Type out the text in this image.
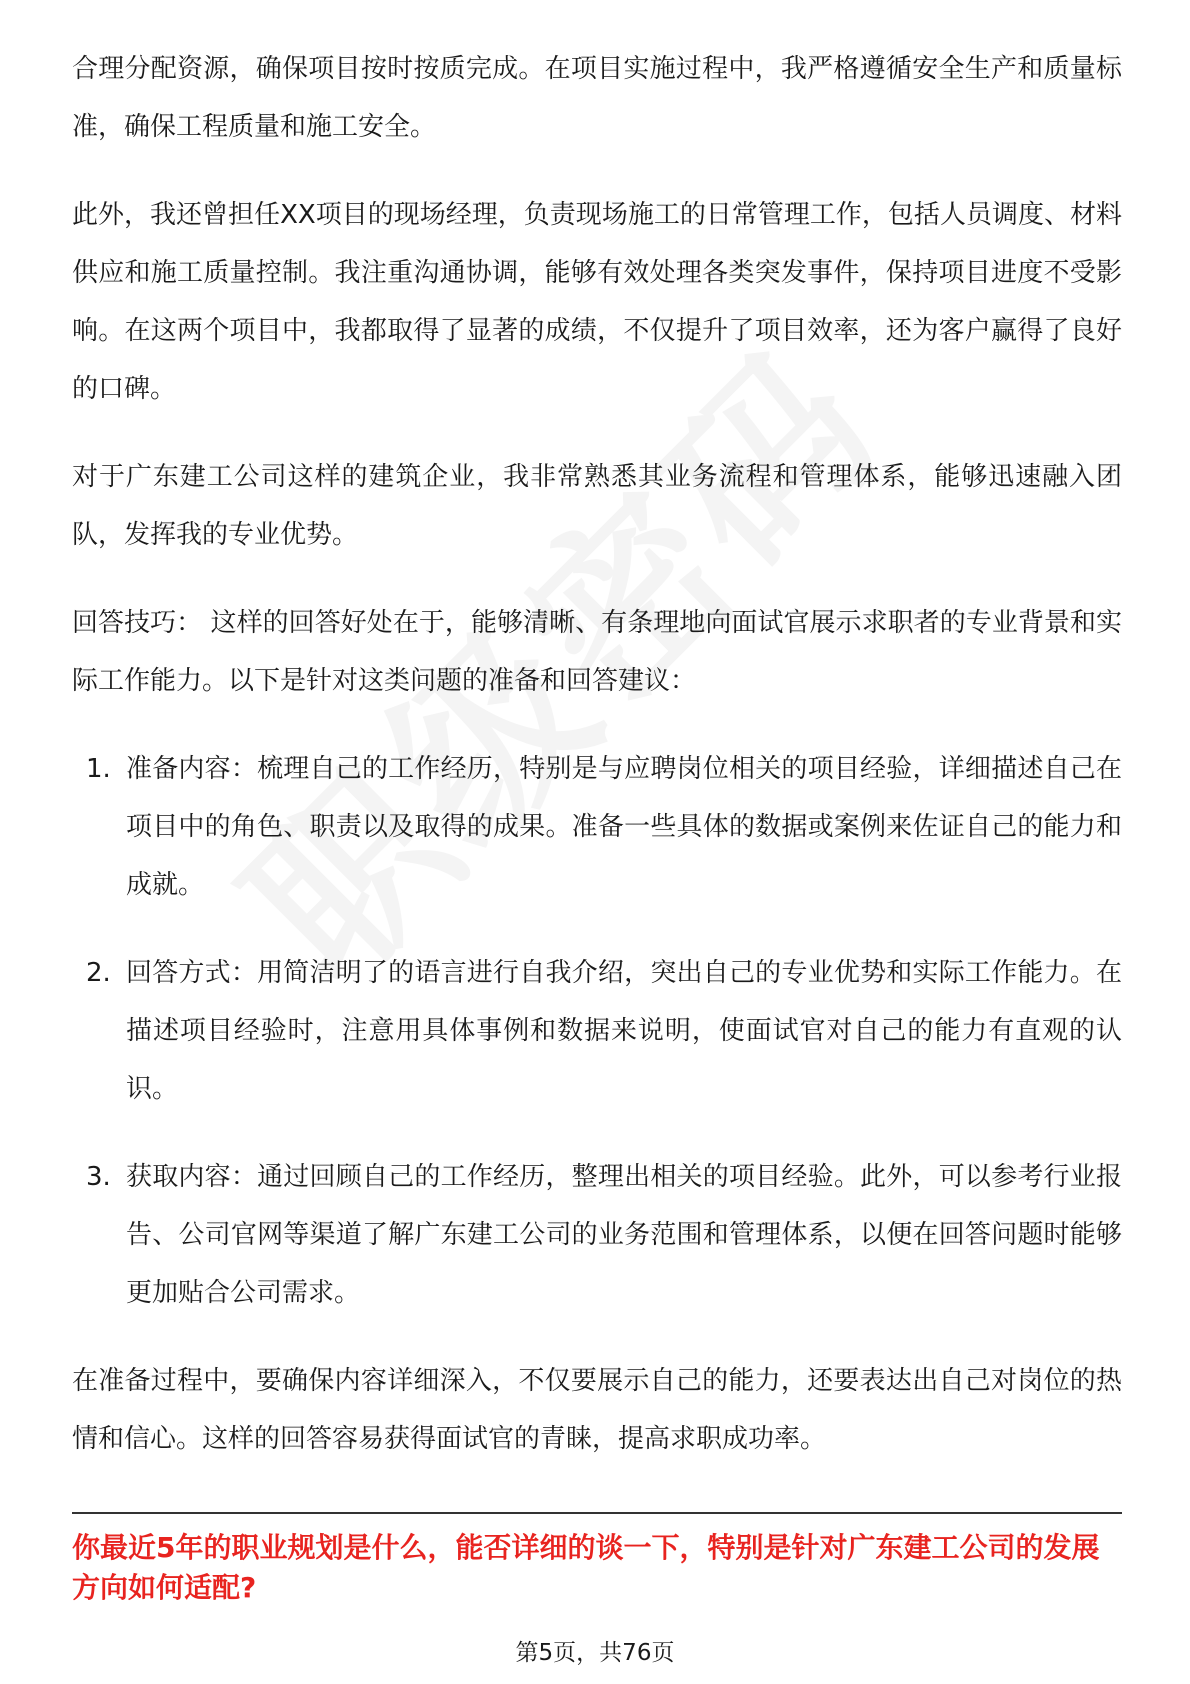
合理分配资源，确保项目按时按质完成。在项目实施过程中，我严格遵循安全生产和质量标准，确保工程质量和施工安全。

此外，我还曾担任XX项目的现场经理，负责现场施工的日常管理工作，包括人员调度、材料供应和施工质量控制。我注重沟通协调，能够有效处理各类突发事件，保持项目进度不受影响。在这两个项目中，我都取得了显著的成绩，不仅提升了项目效率，还为客户赢得了良好的口碑。

对于广东建工公司这样的建筑企业，我非常熟悉其业务流程和管理体系，能够迅速融入团队，发挥我的专业优势。

回答技巧： 这样的回答好处在于，能够清晰、有条理地向面试官展示求职者的专业背景和实际工作能力。以下是针对这类问题的准备和回答建议：

1. 准备内容：梳理自己的工作经历，特别是与应聘岗位相关的项目经验，详细描述自己在项目中的角色、职责以及取得的成果。准备一些具体的数据或案例来佐证自己的能力和成就。
2. 回答方式：用简洁明了的语言进行自我介绍，突出自己的专业优势和实际工作能力。在描述项目经验时，注意用具体事例和数据来说明，使面试官对自己的能力有直观的认识。
3. 获取内容：通过回顾自己的工作经历，整理出相关的项目经验。此外，可以参考行业报告、公司官网等渠道了解广东建工公司的业务范围和管理体系，以便在回答问题时能够更加贴合公司需求。

在准备过程中，要确保内容详细深入，不仅要展示自己的能力，还要表达出自己对岗位的热情和信心。这样的回答容易获得面试官的青睐，提高求职成功率。

你最近5年的职业规划是什么，能否详细的谈一下，特别是针对广东建工公司的发展方向如何适配?
第5页，共76页
